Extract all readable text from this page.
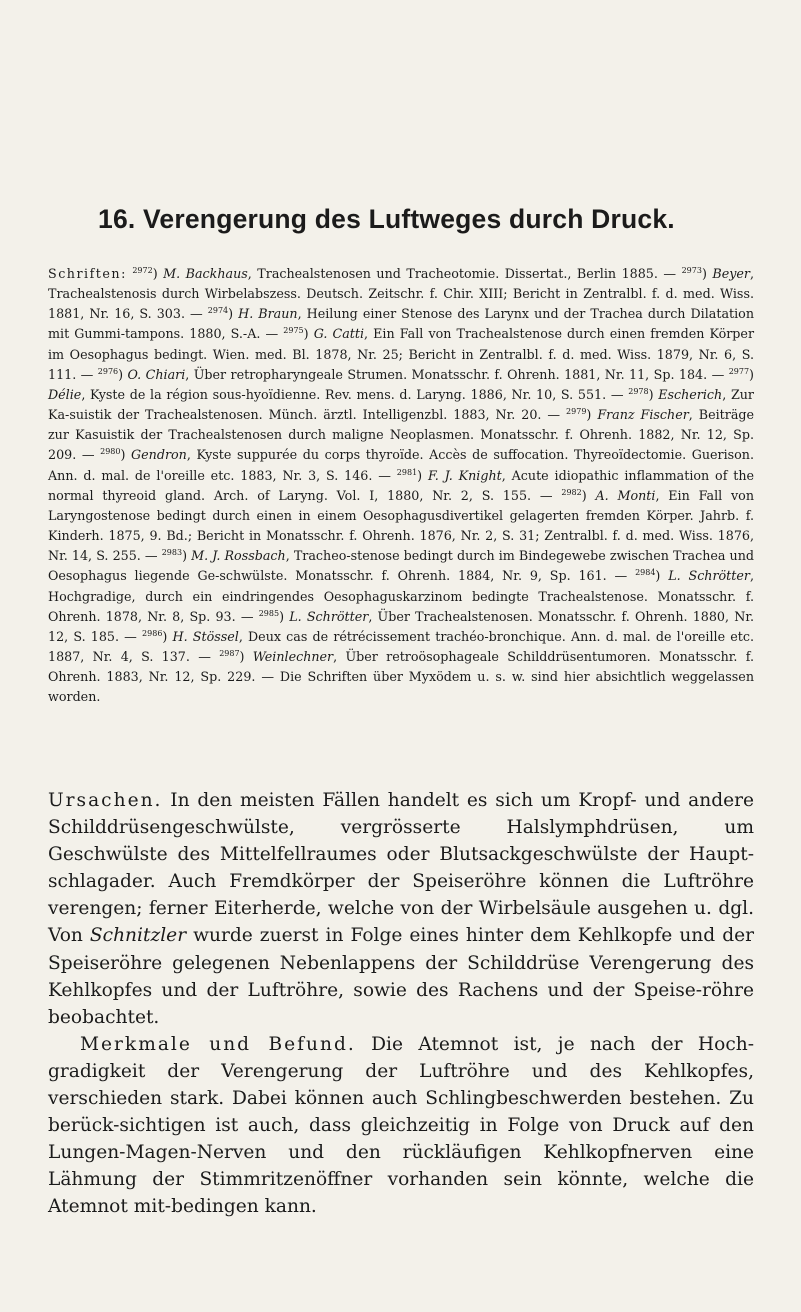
16. Verengerung des Luftweges durch Druck.
Schriften: $^{2972}$) M. Backhaus, Trachealstenosen und Tracheotomie. Dissertat., Berlin 1885. — $^{2973}$) Beyer, Trachealstenosis durch Wirbelabszess. Deutsch. Zeitschr. f. Chir. XIII; Bericht in Zentralbl. f. d. med. Wiss. 1881, Nr. 16, S. 303. — $^{2974}$) H. Braun, Heilung einer Stenose des Larynx und der Trachea durch Dilatation mit Gummi-tampons. 1880, S.-A. — $^{2975}$) G. Catti, Ein Fall von Trachealstenose durch einen fremden Körper im Oesophagus bedingt. Wien. med. Bl. 1878, Nr. 25; Bericht in Zentralbl. f. d. med. Wiss. 1879, Nr. 6, S. 111. — $^{2976}$) O. Chiari, Über retropharyngeale Strumen. Monatsschr. f. Ohrenh. 1881, Nr. 11, Sp. 184. — $^{2977}$) Délie, Kyste de la région sous-hyoïdienne. Rev. mens. d. Laryng. 1886, Nr. 10, S. 551. — $^{2978}$) Escherich, Zur Ka-suistik der Trachealstenosen. Münch. ärztl. Intelligenzbl. 1883, Nr. 20. — $^{2979}$) Franz Fischer, Beiträge zur Kasuistik der Trachealstenosen durch maligne Neoplasmen. Monatsschr. f. Ohrenh. 1882, Nr. 12, Sp. 209. — $^{2980}$) Gendron, Kyste suppurée du corps thyroïde. Accès de suffocation. Thyreoïdectomie. Guerison. Ann. d. mal. de l'oreille etc. 1883, Nr. 3, S. 146. — $^{2981}$) F. J. Knight, Acute idiopathic inflammation of the normal thyreoid gland. Arch. of Laryng. Vol. I, 1880, Nr. 2, S. 155. — $^{2982}$) A. Monti, Ein Fall von Laryngostenose bedingt durch einen in einem Oesophagusdivertikel gelagerten fremden Körper. Jahrb. f. Kinderh. 1875, 9. Bd.; Bericht in Monatsschr. f. Ohrenh. 1876, Nr. 2, S. 31; Zentralbl. f. d. med. Wiss. 1876, Nr. 14, S. 255. — $^{2983}$) M. J. Rossbach, Tracheo-stenose bedingt durch im Bindegewebe zwischen Trachea und Oesophagus liegende Ge-schwülste. Monatsschr. f. Ohrenh. 1884, Nr. 9, Sp. 161. — $^{2984}$) L. Schrötter, Hochgradige, durch ein eindringendes Oesophaguskarzinom bedingte Trachealstenose. Monatsschr. f. Ohrenh. 1878, Nr. 8, Sp. 93. — $^{2985}$) L. Schrötter, Über Trachealstenosen. Monatsschr. f. Ohrenh. 1880, Nr. 12, S. 185. — $^{2986}$) H. Stössel, Deux cas de rétrécissement trachéo-bronchique. Ann. d. mal. de l'oreille etc. 1887, Nr. 4, S. 137. — $^{2987}$) Weinlechner, Über retroösophageale Schilddrüsentumoren. Monatsschr. f. Ohrenh. 1883, Nr. 12, Sp. 229. — Die Schriften über Myxödem u. s. w. sind hier absichtlich weggelassen worden.

Ursachen. In den meisten Fällen handelt es sich um Kropf- und andere Schilddrüsengeschwülste, vergrösserte Halslymphdrüsen, um Geschwülste des Mittelfellraumes oder Blutsackgeschwülste der Haupt-schlagader. Auch Fremdkörper der Speiseröhre können die Luftröhre verengen; ferner Eiterherde, welche von der Wirbelsäule ausgehen u. dgl. Von Schnitzler wurde zuerst in Folge eines hinter dem Kehlkopfe und der Speiseröhre gelegenen Nebenlappens der Schilddrüse Verengerung des Kehlkopfes und der Luftröhre, sowie des Rachens und der Speise-röhre beobachtet.

Merkmale und Befund. Die Atemnot ist, je nach der Hoch-gradigkeit der Verengerung der Luftröhre und des Kehlkopfes, verschieden stark. Dabei können auch Schlingbeschwerden bestehen. Zu berück-sichtigen ist auch, dass gleichzeitig in Folge von Druck auf den Lungen-Magen-Nerven und den rückläufigen Kehlkopfnerven eine Lähmung der Stimmritzenöffner vorhanden sein könnte, welche die Atemnot mit-bedingen kann.
